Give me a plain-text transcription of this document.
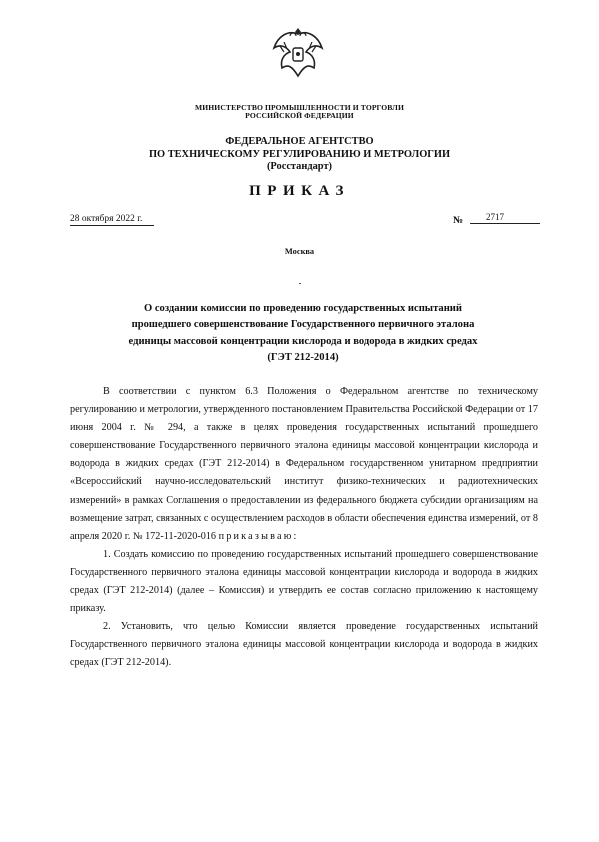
МИНИСТЕРСТВО ПРОМЫШЛЕННОСТИ И ТОРГОВЛИ
РОССИЙСКОЙ ФЕДЕРАЦИИ
ФЕДЕРАЛЬНОЕ АГЕНТСТВО
ПО ТЕХНИЧЕСКОМУ РЕГУЛИРОВАНИЮ И МЕТРОЛОГИИ
(Росстандарт)
ПРИКАЗ
28 октября 2022 г.	№	2717
Москва
О создании комиссии по проведению государственных испытаний
прошедшего совершенствование Государственного первичного эталона
единицы массовой концентрации кислорода и водорода в жидких средах
(ГЭТ 212-2014)

В соответствии с пунктом 6.3 Положения о Федеральном агентстве по техническому регулированию и метрологии, утвержденного постановлением Правительства Российской Федерации от 17 июня 2004 г. № 294, а также в целях проведения государственных испытаний прошедшего совершенствование Государственного первичного эталона единицы массовой концентрации кислорода и водорода в жидких средах (ГЭТ 212-2014) в Федеральном государственном унитарном предприятии «Всероссийский научно-исследовательский институт физико-технических и радиотехнических измерений» в рамках Соглашения о предоставлении из федерального бюджета субсидии организациям на возмещение затрат, связанных с осуществлением расходов в области обеспечения единства измерений, от 8 апреля 2020 г. № 172-11-2020-016 приказываю:

1. Создать комиссию по проведению государственных испытаний прошедшего совершенствование Государственного первичного эталона единицы массовой концентрации кислорода и водорода в жидких средах (ГЭТ 212-2014) (далее – Комиссия) и утвердить ее состав согласно приложению к настоящему приказу.

2. Установить, что целью Комиссии является проведение государственных испытаний Государственного первичного эталона единицы массовой концентрации кислорода и водорода в жидких средах (ГЭТ 212-2014).
